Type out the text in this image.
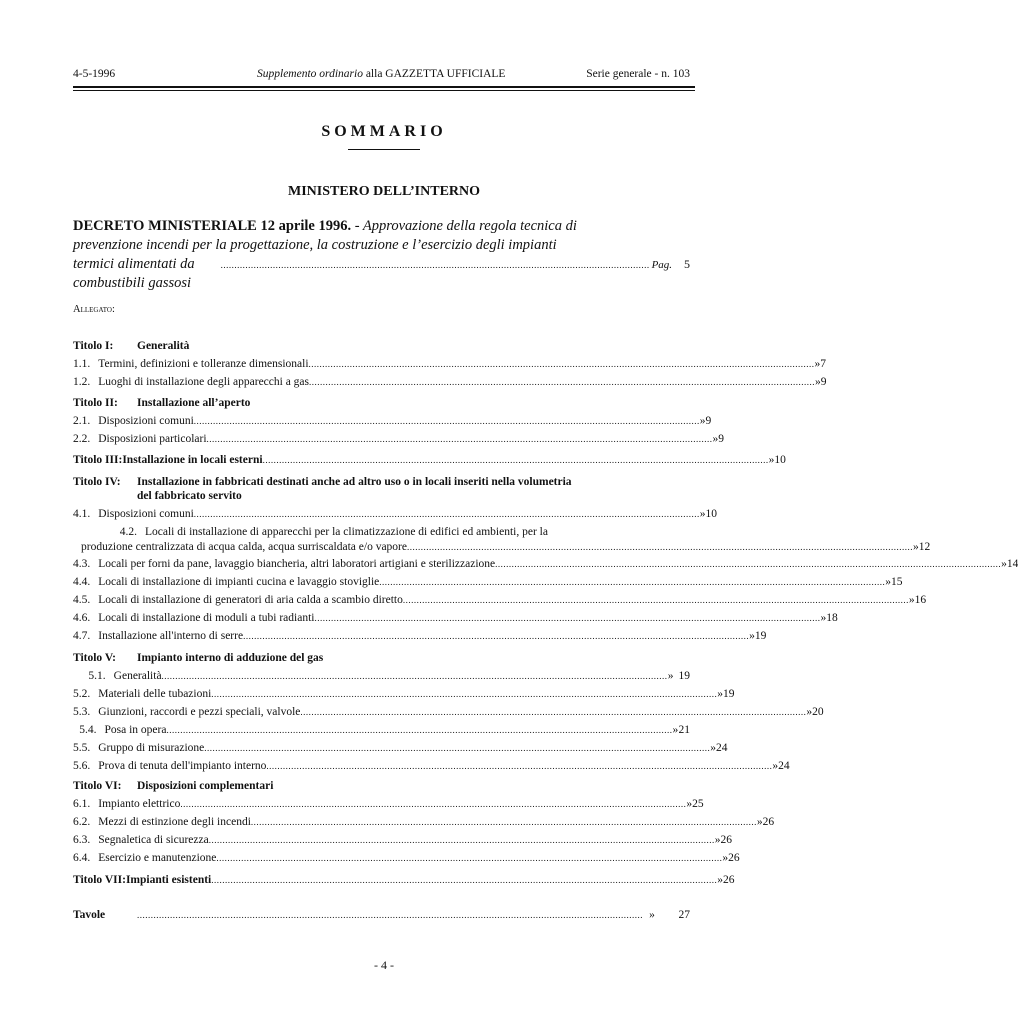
4-5-1996	Supplemento ordinario alla GAZZETTA UFFICIALE	Serie generale - n. 103
SOMMARIO
MINISTERO DELL’INTERNO
DECRETO MINISTERIALE 12 aprile 1996. - Approvazione della regola tecnica di
prevenzione incendi per la progettazione, la costruzione e l’esercizio degli impianti
termici alimentati da combustibili gassosi
............................................................................................................................................................ Pag. 5
Allegato:
Titolo I:	Generalità
1.1. Termini, definizioni e tolleranze dimensionali ........................................................................................................................................................................................ » 7
1.2. Luoghi di installazione degli apparecchi a gas ........................................................................................................................................................................................ » 9
Titolo II:	Installazione all’aperto
2.1. Disposizioni comuni ........................................................................................................................................................................................ » 9
2.2. Disposizioni particolari ........................................................................................................................................................................................ » 9
Titolo III: Installazione in locali esterni ........................................................................................................................................................................................ » 10
Titolo IV:	Installazione in fabbricati destinati anche ad altro uso o in locali inseriti nella volumetria
del fabbricato servito
4.1. Disposizioni comuni ........................................................................................................................................................................................ » 10
4.2. Locali di installazione di apparecchi per la climatizzazione di edifici ed ambienti, per la
produzione centralizzata di acqua calda, acqua surriscaldata e/o vapore ........................................................................................................................................................................................ » 12
4.3. Locali per forni da pane, lavaggio biancheria, altri laboratori artigiani e sterilizzazione ........................................................................................................................................................................................ » 14
4.4. Locali di installazione di impianti cucina e lavaggio stoviglie ........................................................................................................................................................................................ » 15
4.5. Locali di installazione di generatori di aria calda a scambio diretto ........................................................................................................................................................................................ » 16
4.6. Locali di installazione di moduli a tubi radianti ........................................................................................................................................................................................ » 18
4.7. Installazione all'interno di serre ........................................................................................................................................................................................ » 19
Titolo V:	Impianto interno di adduzione del gas
5.1. Generalità ........................................................................................................................................................................................ » 19
5.2. Materiali delle tubazioni ........................................................................................................................................................................................ » 19
5.3. Giunzioni, raccordi e pezzi speciali, valvole ........................................................................................................................................................................................ » 20
5.4. Posa in opera ........................................................................................................................................................................................ » 21
5.5. Gruppo di misurazione ........................................................................................................................................................................................ » 24
5.6. Prova di tenuta dell'impianto interno ........................................................................................................................................................................................ » 24
Titolo VI:	Disposizioni complementari
6.1. Impianto elettrico ........................................................................................................................................................................................ » 25
6.2. Mezzi di estinzione degli incendi ........................................................................................................................................................................................ » 26
6.3. Segnaletica di sicurezza ........................................................................................................................................................................................ » 26
6.4. Esercizio e manutenzione ........................................................................................................................................................................................ » 26
Titolo VII: Impianti esistenti ........................................................................................................................................................................................ » 26
Tavole	........................................................................................................................................................................................ »	27
- 4 -
